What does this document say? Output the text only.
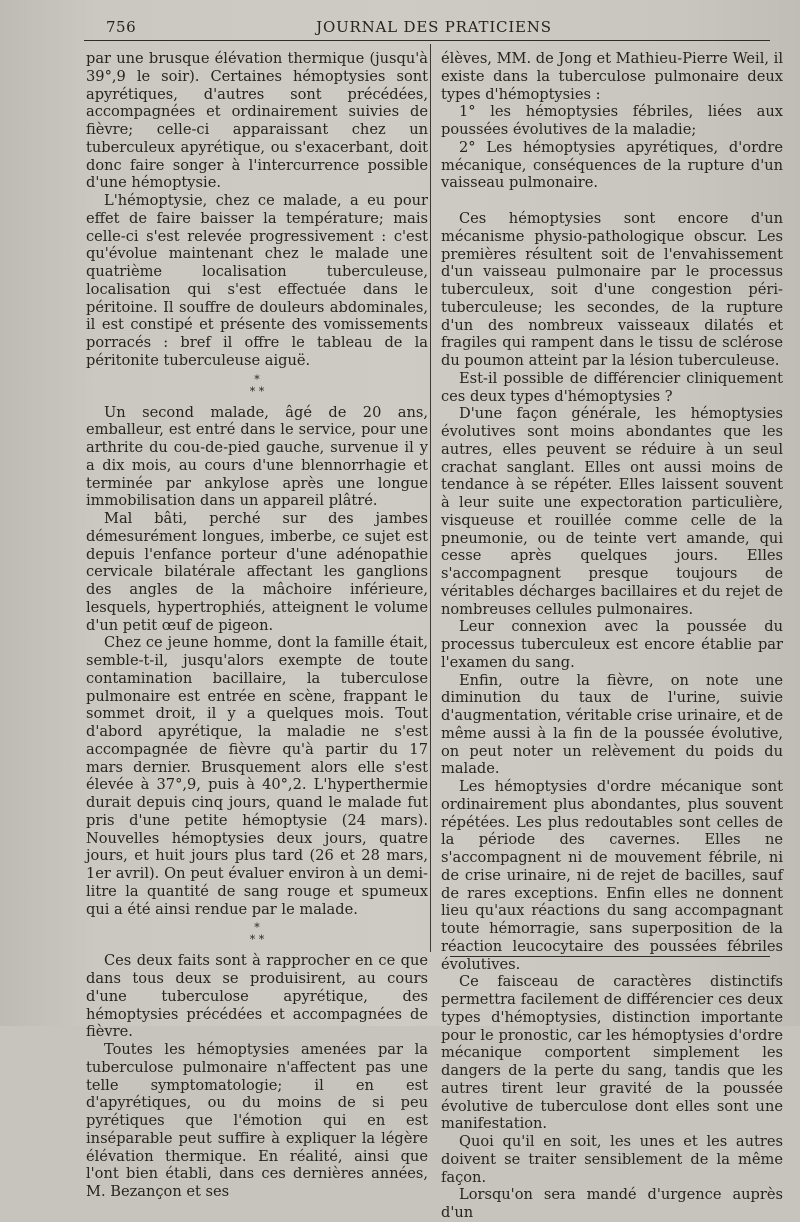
756	JOURNAL DES PRATICIENS

par une brusque élévation thermique (jusqu'à 39°,9 le soir). Certaines hémoptysies sont apyrétiques, d'autres sont précédées, accompagnées et ordinairement suivies de fièvre; celle-ci apparaissant chez un tuberculeux apyrétique, ou s'exacerbant, doit donc faire songer à l'intercurrence possible d'une hémoptysie.

L'hémoptysie, chez ce malade, a eu pour effet de faire baisser la température; mais celle-ci s'est relevée progressivement : c'est qu'évolue maintenant chez le malade une quatrième localisation tuberculeuse, localisation qui s'est effectuée dans le péritoine. Il souffre de douleurs abdominales, il est constipé et présente des vomissements porracés : bref il offre le tableau de la péritonite tuberculeuse aiguë.

*
* *

Un second malade, âgé de 20 ans, emballeur, est entré dans le service, pour une arthrite du cou-de-pied gauche, survenue il y a dix mois, au cours d'une blennorrhagie et terminée par ankylose après une longue immobilisation dans un appareil plâtré.

Mal bâti, perché sur des jambes démesurément longues, imberbe, ce sujet est depuis l'enfance porteur d'une adénopathie cervicale bilatérale affectant les ganglions des angles de la mâchoire inférieure, lesquels, hypertrophiés, atteignent le volume d'un petit œuf de pigeon.

Chez ce jeune homme, dont la famille était, semble-t-il, jusqu'alors exempte de toute contamination bacillaire, la tuberculose pulmonaire est entrée en scène, frappant le sommet droit, il y a quelques mois. Tout d'abord apyrétique, la maladie ne s'est accompagnée de fièvre qu'à partir du 17 mars dernier. Brusquement alors elle s'est élevée à 37°,9, puis à 40°,2. L'hyperthermie durait depuis cinq jours, quand le malade fut pris d'une petite hémoptysie (24 mars). Nouvelles hémoptysies deux jours, quatre jours, et huit jours plus tard (26 et 28 mars, 1er avril). On peut évaluer environ à un demi-litre la quantité de sang rouge et spumeux qui a été ainsi rendue par le malade.

*
* *

Ces deux faits sont à rapprocher en ce que dans tous deux se produisirent, au cours d'une tuberculose apyrétique, des hémoptysies précédées et accompagnées de fièvre.

Toutes les hémoptysies amenées par la tuberculose pulmonaire n'affectent pas une telle symptomatologie; il en est d'apyrétiques, ou du moins de si peu pyrétiques que l'émotion qui en est inséparable peut suffire à expliquer la légère élévation thermique. En réalité, ainsi que l'ont bien établi, dans ces dernières années, M. Bezançon et ses

élèves, MM. de Jong et Mathieu-Pierre Weil, il existe dans la tuberculose pulmonaire deux types d'hémoptysies :

1° les hémoptysies fébriles, liées aux poussées évolutives de la maladie;

2° Les hémoptysies apyrétiques, d'ordre mécanique, conséquences de la rupture d'un vaisseau pulmonaire.

Ces hémoptysies sont encore d'un mécanisme physio-pathologique obscur. Les premières résultent soit de l'envahissement d'un vaisseau pulmonaire par le processus tuberculeux, soit d'une congestion péri-tuberculeuse; les secondes, de la rupture d'un des nombreux vaisseaux dilatés et fragiles qui rampent dans le tissu de sclérose du poumon atteint par la lésion tuberculeuse.

Est-il possible de différencier cliniquement ces deux types d'hémoptysies ?

D'une façon générale, les hémoptysies évolutives sont moins abondantes que les autres, elles peuvent se réduire à un seul crachat sanglant. Elles ont aussi moins de tendance à se répéter. Elles laissent souvent à leur suite une expectoration particulière, visqueuse et rouillée comme celle de la pneumonie, ou de teinte vert amande, qui cesse après quelques jours. Elles s'accompagnent presque toujours de véritables décharges bacillaires et du rejet de nombreuses cellules pulmonaires.

Leur connexion avec la poussée du processus tuberculeux est encore établie par l'examen du sang.

Enfin, outre la fièvre, on note une diminution du taux de l'urine, suivie d'augmentation, véritable crise urinaire, et de même aussi à la fin de la poussée évolutive, on peut noter un relèvement du poids du malade.

Les hémoptysies d'ordre mécanique sont ordinairement plus abondantes, plus souvent répétées. Les plus redoutables sont celles de la période des cavernes. Elles ne s'accompagnent ni de mouvement fébrile, ni de crise urinaire, ni de rejet de bacilles, sauf de rares exceptions. Enfin elles ne donnent lieu qu'aux réactions du sang accompagnant toute hémorragie, sans superposition de la réaction leucocytaire des poussées fébriles évolutives.

Ce faisceau de caractères distinctifs permettra facilement de différencier ces deux types d'hémoptysies, distinction importante pour le pronostic, car les hémoptysies d'ordre mécanique comportent simplement les dangers de la perte du sang, tandis que les autres tirent leur gravité de la poussée évolutive de tuberculose dont elles sont une manifestation.

Quoi qu'il en soit, les unes et les autres doivent se traiter sensiblement de la même façon.

Lorsqu'on sera mandé d'urgence auprès d'un
